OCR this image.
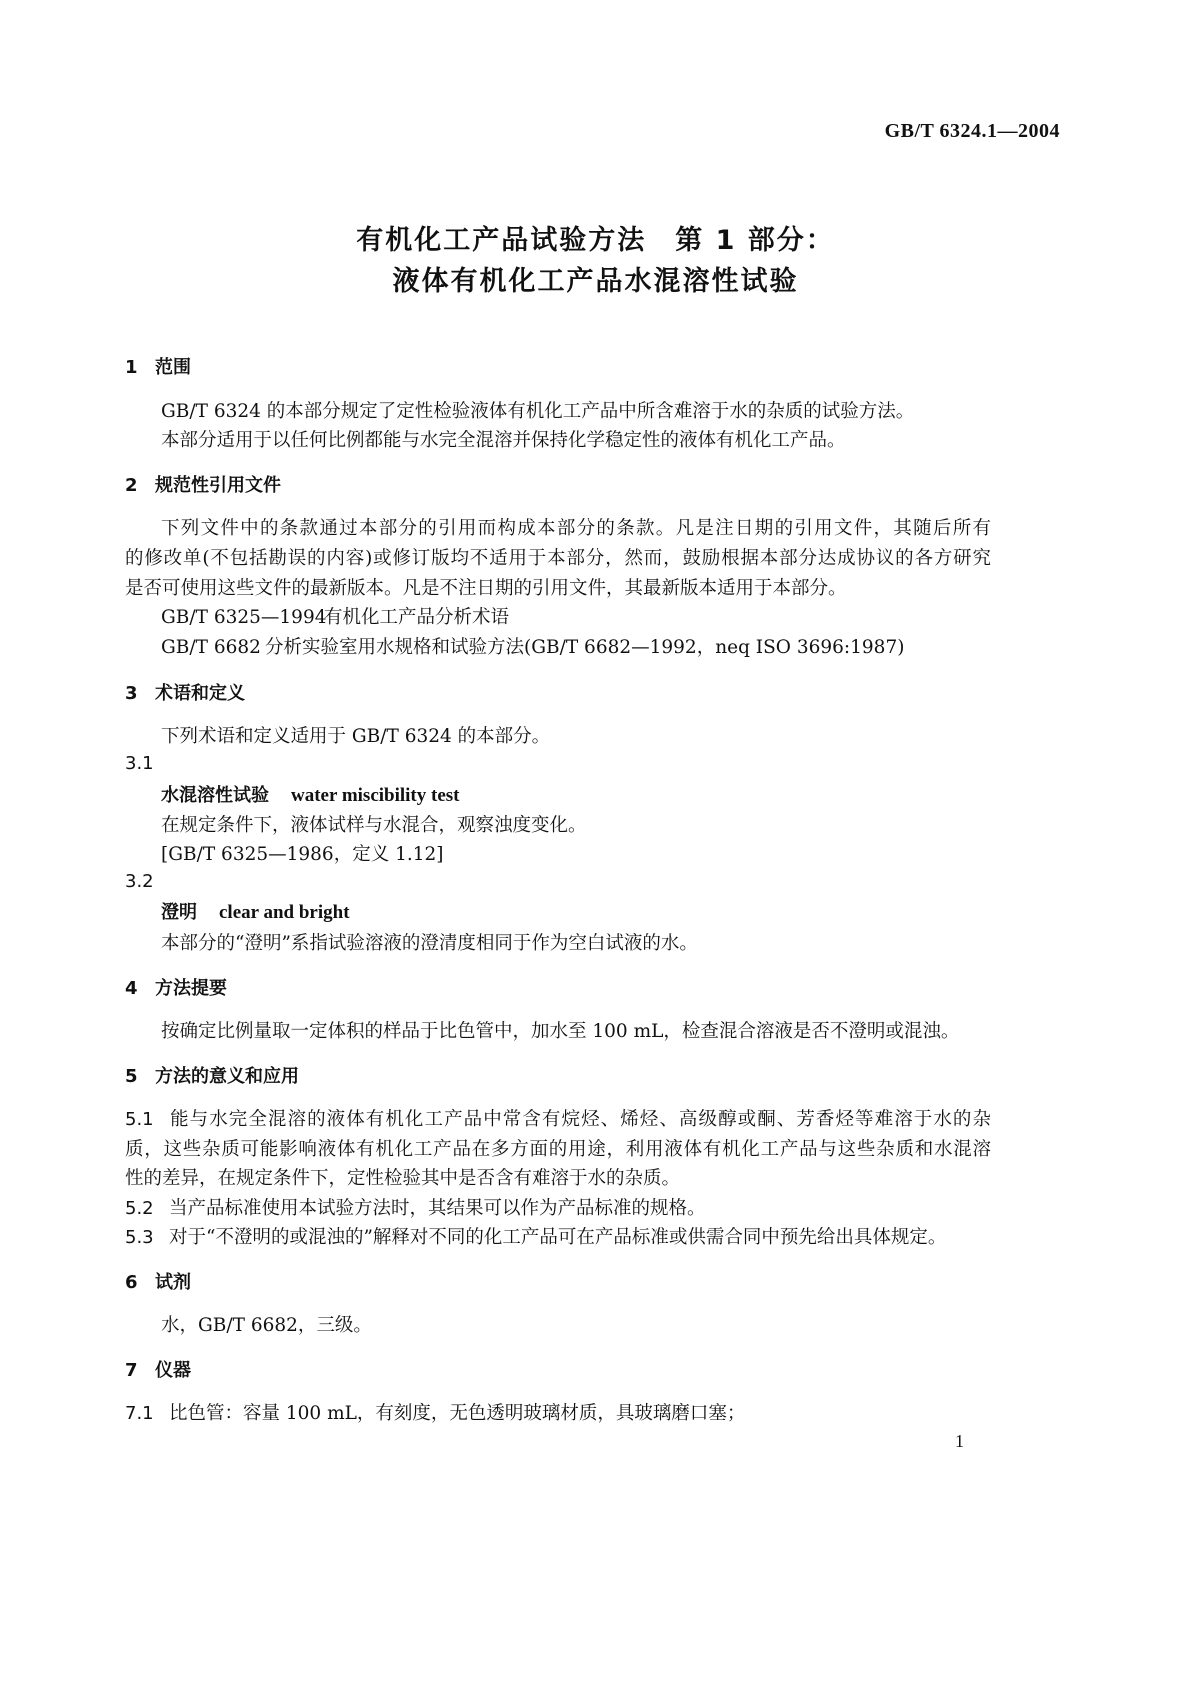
GB/T 6324.1—2004
有机化工产品试验方法　第 1 部分：
液体有机化工产品水混溶性试验
1 范围
GB/T 6324 的本部分规定了定性检验液体有机化工产品中所含难溶于水的杂质的试验方法。
本部分适用于以任何比例都能与水完全混溶并保持化学稳定性的液体有机化工产品。
2 规范性引用文件
下列文件中的条款通过本部分的引用而构成本部分的条款。凡是注日期的引用文件，其随后所有
的修改单(不包括勘误的内容)或修订版均不适用于本部分，然而，鼓励根据本部分达成协议的各方研究
是否可使用这些文件的最新版本。凡是不注日期的引用文件，其最新版本适用于本部分。
GB/T 6325—1994有机化工产品分析术语
GB/T 6682 分析实验室用水规格和试验方法(GB/T 6682—1992，neq ISO 3696:1987)
3 术语和定义
下列术语和定义适用于 GB/T 6324 的本部分。
3.1
水混溶性试验 water miscibility test
在规定条件下，液体试样与水混合，观察浊度变化。
[GB/T 6325—1986，定义 1.12]
3.2
澄明 clear and bright
本部分的“澄明”系指试验溶液的澄清度相同于作为空白试液的水。
4 方法提要
按确定比例量取一定体积的样品于比色管中，加水至 100 mL，检查混合溶液是否不澄明或混浊。
5 方法的意义和应用
5.1 能与水完全混溶的液体有机化工产品中常含有烷烃、烯烃、高级醇或酮、芳香烃等难溶于水的杂
质，这些杂质可能影响液体有机化工产品在多方面的用途，利用液体有机化工产品与这些杂质和水混溶
性的差异，在规定条件下，定性检验其中是否含有难溶于水的杂质。
5.2 当产品标准使用本试验方法时，其结果可以作为产品标准的规格。
5.3 对于“不澄明的或混浊的”解释对不同的化工产品可在产品标准或供需合同中预先给出具体规定。
6 试剂
水，GB/T 6682，三级。
7 仪器
7.1 比色管：容量 100 mL，有刻度，无色透明玻璃材质，具玻璃磨口塞；
1
